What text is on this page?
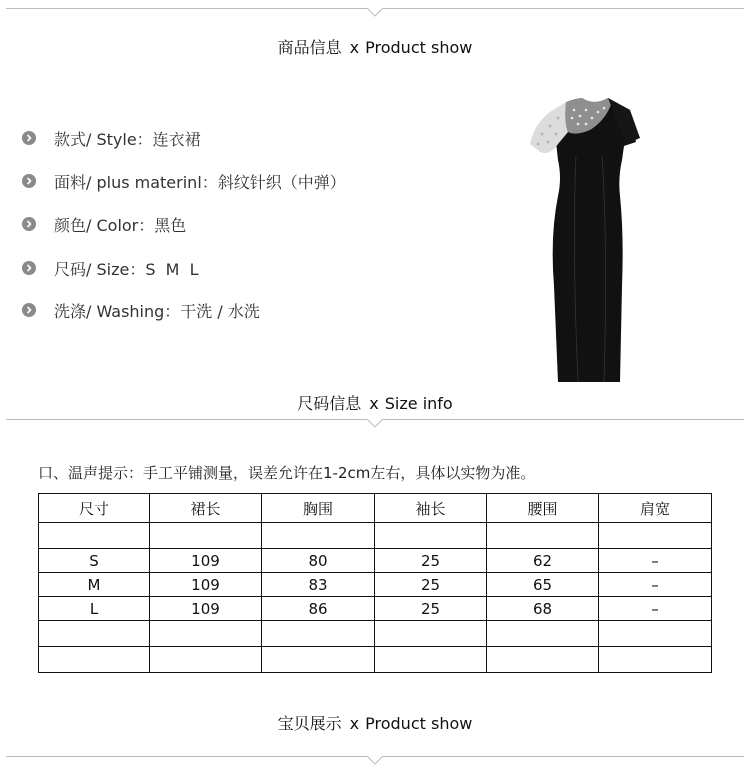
商品信息 x Product show
款式/ Style：连衣裙
面料/ plus materinl：斜纹针织（中弹）
颜色/ Color：黑色
尺码/ Size：S  M  L
洗涤/ Washing：干洗 / 水洗
尺码信息 x Size info
口、温声提示：手工平铺测量，误差允许在1-2cm左右，具体以实物为准。
尺寸	裙长	胸围	袖长	腰围	肩宽

S	109	80	25	62	–
M	109	83	25	65	–
L	109	86	25	68	–

宝贝展示 x Product show
